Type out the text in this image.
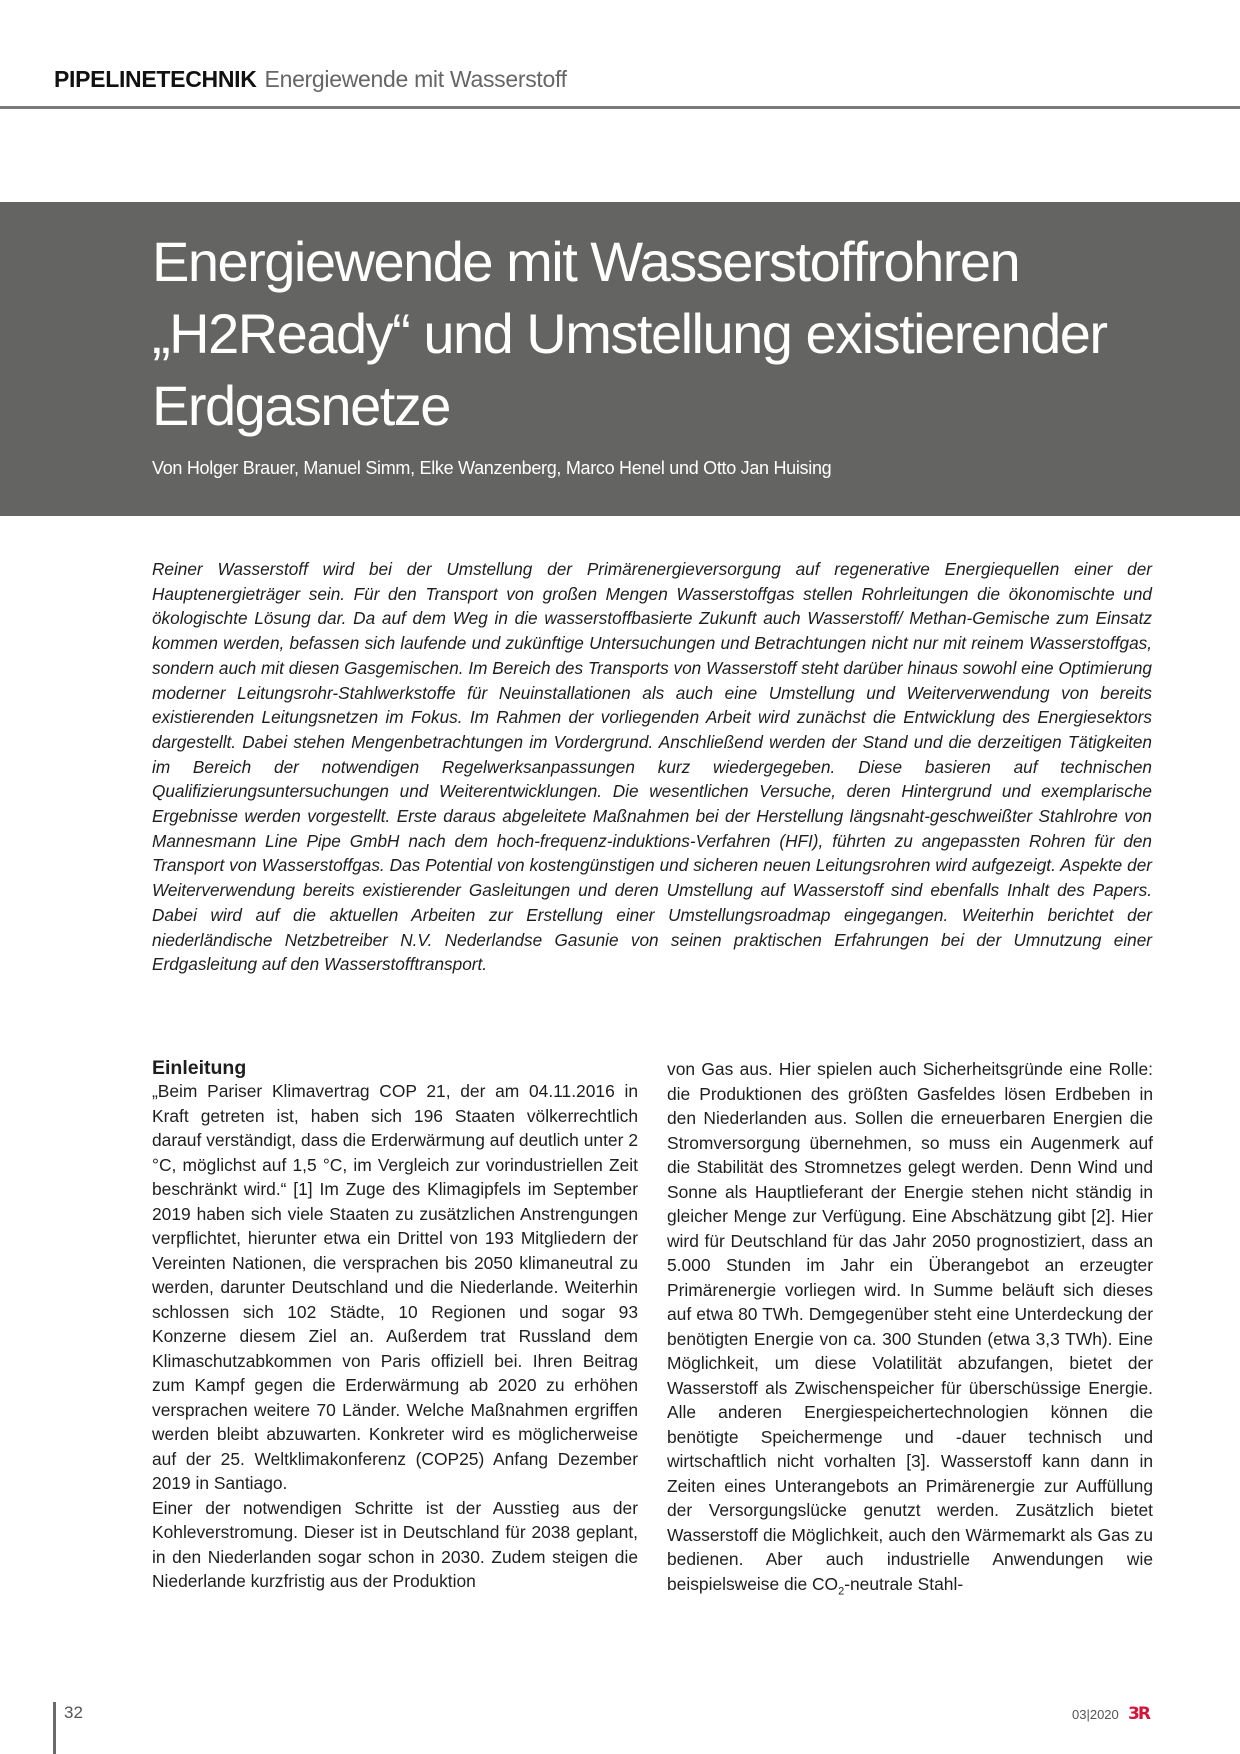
PIPELINETECHNIK Energiewende mit Wasserstoff
Energiewende mit Wasserstoffrohren
„H2Ready“ und Umstellung existierender
Erdgasnetze
Von Holger Brauer, Manuel Simm, Elke Wanzenberg, Marco Henel und Otto Jan Huising

Reiner Wasserstoff wird bei der Umstellung der Primärenergieversorgung auf regenerative Energiequellen einer der Hauptenergieträger sein. Für den Transport von großen Mengen Wasserstoffgas stellen Rohrleitungen die ökonomischte und ökologischte Lösung dar. Da auf dem Weg in die wasserstoffbasierte Zukunft auch Wasserstoff/ Methan-Gemische zum Einsatz kommen werden, befassen sich laufende und zukünftige Untersuchungen und Betrachtungen nicht nur mit reinem Wasserstoffgas, sondern auch mit diesen Gasgemischen. Im Bereich des Transports von Wasserstoff steht darüber hinaus sowohl eine Optimierung moderner Leitungsrohr-Stahlwerkstoffe für Neuinstallationen als auch eine Umstellung und Weiterverwendung von bereits existierenden Leitungsnetzen im Fokus. Im Rahmen der vorliegenden Arbeit wird zunächst die Entwicklung des Energiesektors dargestellt. Dabei stehen Mengenbetrachtungen im Vordergrund. Anschließend werden der Stand und die derzeitigen Tätigkeiten im Bereich der notwendigen Regelwerksanpassungen kurz wiedergegeben. Diese basieren auf technischen Qualifizierungsuntersuchungen und Weiterentwicklungen. Die wesentlichen Versuche, deren Hintergrund und exemplarische Ergebnisse werden vorgestellt. Erste daraus abgeleitete Maßnahmen bei der Herstellung längsnaht-geschweißter Stahlrohre von Mannesmann Line Pipe GmbH nach dem hoch-frequenz-induktions-Verfahren (HFI), führten zu angepassten Rohren für den Transport von Wasserstoffgas. Das Potential von kostengünstigen und sicheren neuen Leitungsrohren wird aufgezeigt. Aspekte der Weiterverwendung bereits existierender Gasleitungen und deren Umstellung auf Wasserstoff sind ebenfalls Inhalt des Papers. Dabei wird auf die aktuellen Arbeiten zur Erstellung einer Umstellungsroadmap eingegangen. Weiterhin berichtet der niederländische Netzbetreiber N.V. Nederlandse Gasunie von seinen praktischen Erfahrungen bei der Umnutzung einer Erdgasleitung auf den Wasserstofftransport.

Einleitung

„Beim Pariser Klimavertrag COP 21, der am 04.11.2016 in Kraft getreten ist, haben sich 196 Staaten völkerrechtlich darauf verständigt, dass die Erderwärmung auf deutlich unter 2 °C, möglichst auf 1,5 °C, im Vergleich zur vorindustriellen Zeit beschränkt wird.“ [1] Im Zuge des Klimagipfels im September 2019 haben sich viele Staaten zu zusätzlichen Anstrengungen verpflichtet, hierunter etwa ein Drittel von 193 Mitgliedern der Vereinten Nationen, die versprachen bis 2050 klimaneutral zu werden, darunter Deutschland und die Niederlande. Weiterhin schlossen sich 102 Städte, 10 Regionen und sogar 93 Konzerne diesem Ziel an. Außerdem trat Russland dem Klimaschutzabkommen von Paris offiziell bei. Ihren Beitrag zum Kampf gegen die Erderwärmung ab 2020 zu erhöhen versprachen weitere 70 Länder. Welche Maßnahmen ergriffen werden bleibt abzuwarten. Konkreter wird es möglicherweise auf der 25. Weltklimakonferenz (COP25) Anfang Dezember 2019 in Santiago.

Einer der notwendigen Schritte ist der Ausstieg aus der Kohleverstromung. Dieser ist in Deutschland für 2038 geplant, in den Niederlanden sogar schon in 2030. Zudem steigen die Niederlande kurzfristig aus der Produktion

von Gas aus. Hier spielen auch Sicherheitsgründe eine Rolle: die Produktionen des größten Gasfeldes lösen Erdbeben in den Niederlanden aus. Sollen die erneuerbaren Energien die Stromversorgung übernehmen, so muss ein Augenmerk auf die Stabilität des Stromnetzes gelegt werden. Denn Wind und Sonne als Hauptlieferant der Energie stehen nicht ständig in gleicher Menge zur Verfügung. Eine Abschätzung gibt [2]. Hier wird für Deutschland für das Jahr 2050 prognostiziert, dass an 5.000 Stunden im Jahr ein Überangebot an erzeugter Primärenergie vorliegen wird. In Summe beläuft sich dieses auf etwa 80 TWh. Demgegenüber steht eine Unterdeckung der benötigten Energie von ca. 300 Stunden (etwa 3,3 TWh). Eine Möglichkeit, um diese Volatilität abzufangen, bietet der Wasserstoff als Zwischenspeicher für überschüssige Energie. Alle anderen Energiespeichertechnologien können die benötigte Speichermenge und -dauer technisch und wirtschaftlich nicht vorhalten [3]. Wasserstoff kann dann in Zeiten eines Unterangebots an Primärenergie zur Auffüllung der Versorgungslücke genutzt werden. Zusätzlich bietet Wasserstoff die Möglichkeit, auch den Wärmemarkt als Gas zu bedienen. Aber auch industrielle Anwendungen wie beispielsweise die $CO_2$-neutrale Stahl-

32	03|2020 3R
